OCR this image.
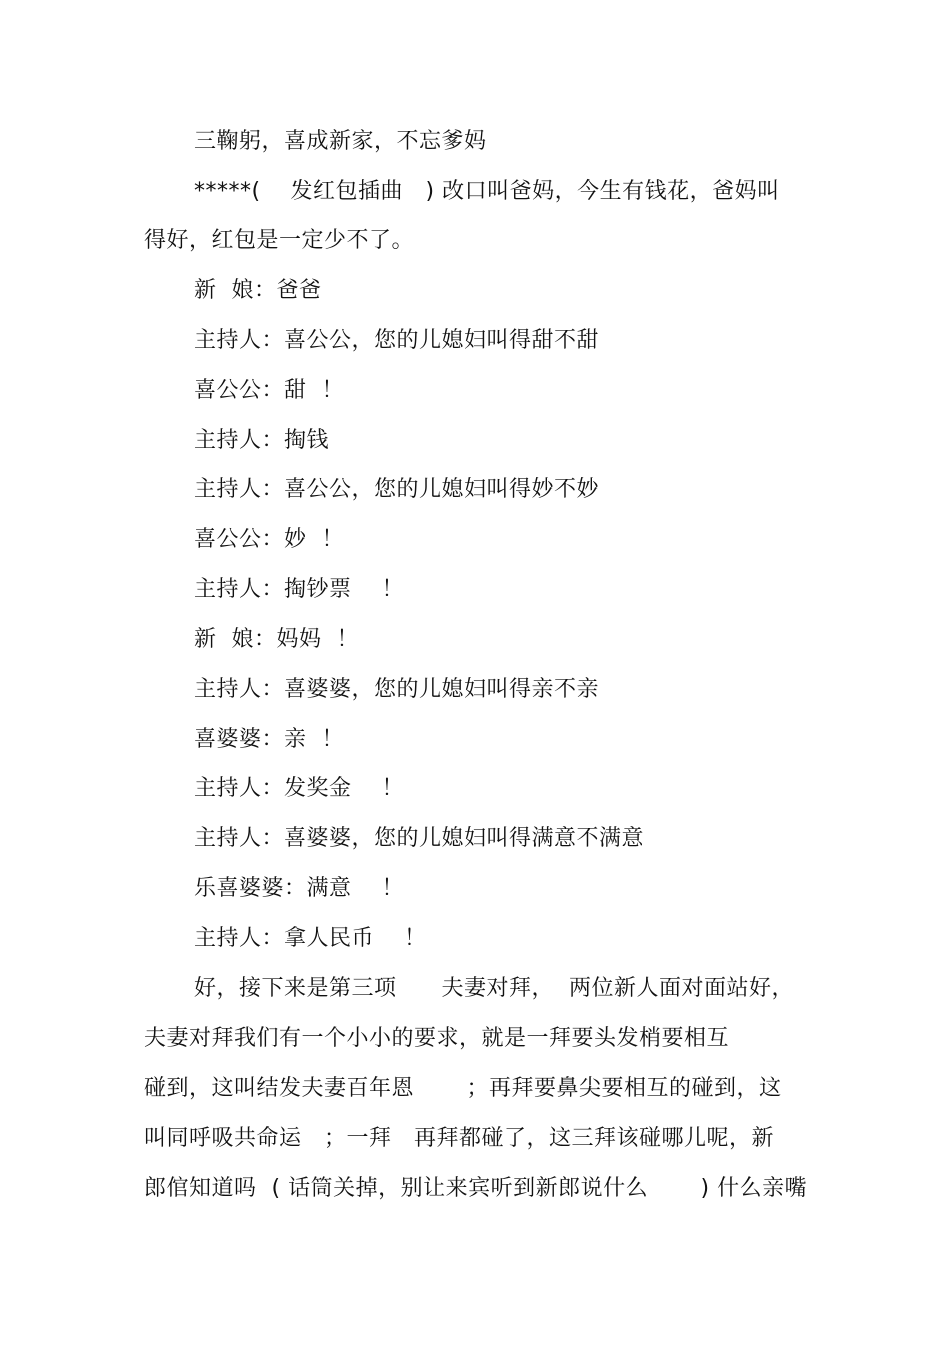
三鞠躬，喜成新家，不忘爹妈
*****(    发红包插曲   ) 改口叫爸妈，今生有钱花，爸妈叫
得好，红包是一定少不了。
新  娘：爸爸
主持人：喜公公，您的儿媳妇叫得甜不甜
喜公公：甜  ！
主持人：掏钱
主持人：喜公公，您的儿媳妇叫得妙不妙
喜公公：妙  ！
主持人：掏钞票    ！
新  娘：妈妈  ！
主持人：喜婆婆，您的儿媳妇叫得亲不亲
喜婆婆：亲  ！
主持人：发奖金    ！
主持人：喜婆婆，您的儿媳妇叫得满意不满意
乐喜婆婆：满意    ！
主持人：拿人民币    ！
好，接下来是第三项      夫妻对拜，  两位新人面对面站好，
夫妻对拜我们有一个小小的要求，就是一拜要头发梢要相互
碰到，这叫结发夫妻百年恩       ；再拜要鼻尖要相互的碰到，这
叫同呼吸共命运   ；一拜   再拜都碰了，这三拜该碰哪儿呢，新
郎倌知道吗  ( 话筒关掉，别让来宾听到新郎说什么       ) 什么亲嘴
